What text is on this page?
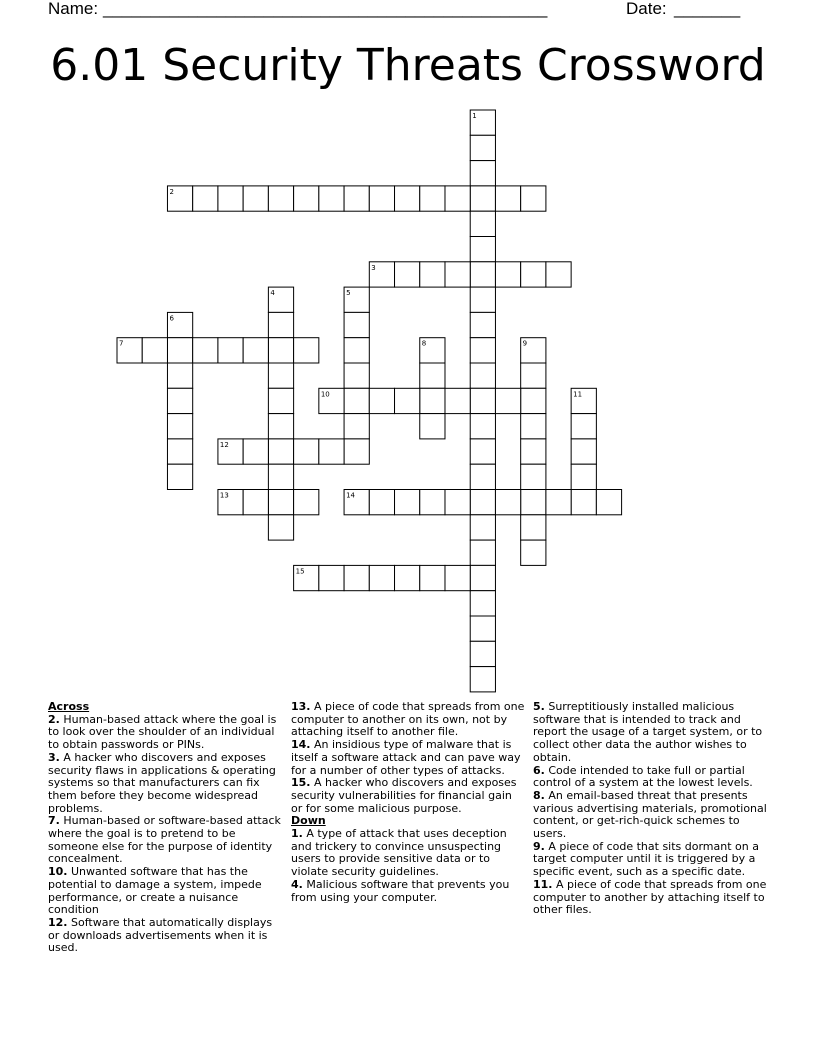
Name: _______________________________________________	Date: _______
6.01 Security Threats Crossword
1
2
3
4	5
6
7	8	9
10	11
12
13	14
15
Across
2. Human-based attack where the goal is to look over the shoulder of an individual to obtain passwords or PINs.
3. A hacker who discovers and exposes security flaws in applications & operating systems so that manufacturers can fix them before they become widespread problems.
7. Human-based or software-based attack where the goal is to pretend to be someone else for the purpose of identity concealment.
10. Unwanted software that has the potential to damage a system, impede performance, or create a nuisance condition
12. Software that automatically displays or downloads advertisements when it is used.
13. A piece of code that spreads from one computer to another on its own, not by attaching itself to another file.
14. An insidious type of malware that is itself a software attack and can pave way for a number of other types of attacks.
15. A hacker who discovers and exposes security vulnerabilities for financial gain or for some malicious purpose.
Down
1. A type of attack that uses deception and trickery to convince unsuspecting users to provide sensitive data or to violate security guidelines.
4. Malicious software that prevents you from using your computer.
5. Surreptitiously installed malicious software that is intended to track and report the usage of a target system, or to collect other data the author wishes to obtain.
6. Code intended to take full or partial control of a system at the lowest levels.
8. An email-based threat that presents various advertising materials, promotional content, or get-rich-quick schemes to users.
9. A piece of code that sits dormant on a target computer until it is triggered by a specific event, such as a specific date.
11. A piece of code that spreads from one computer to another by attaching itself to other files.
